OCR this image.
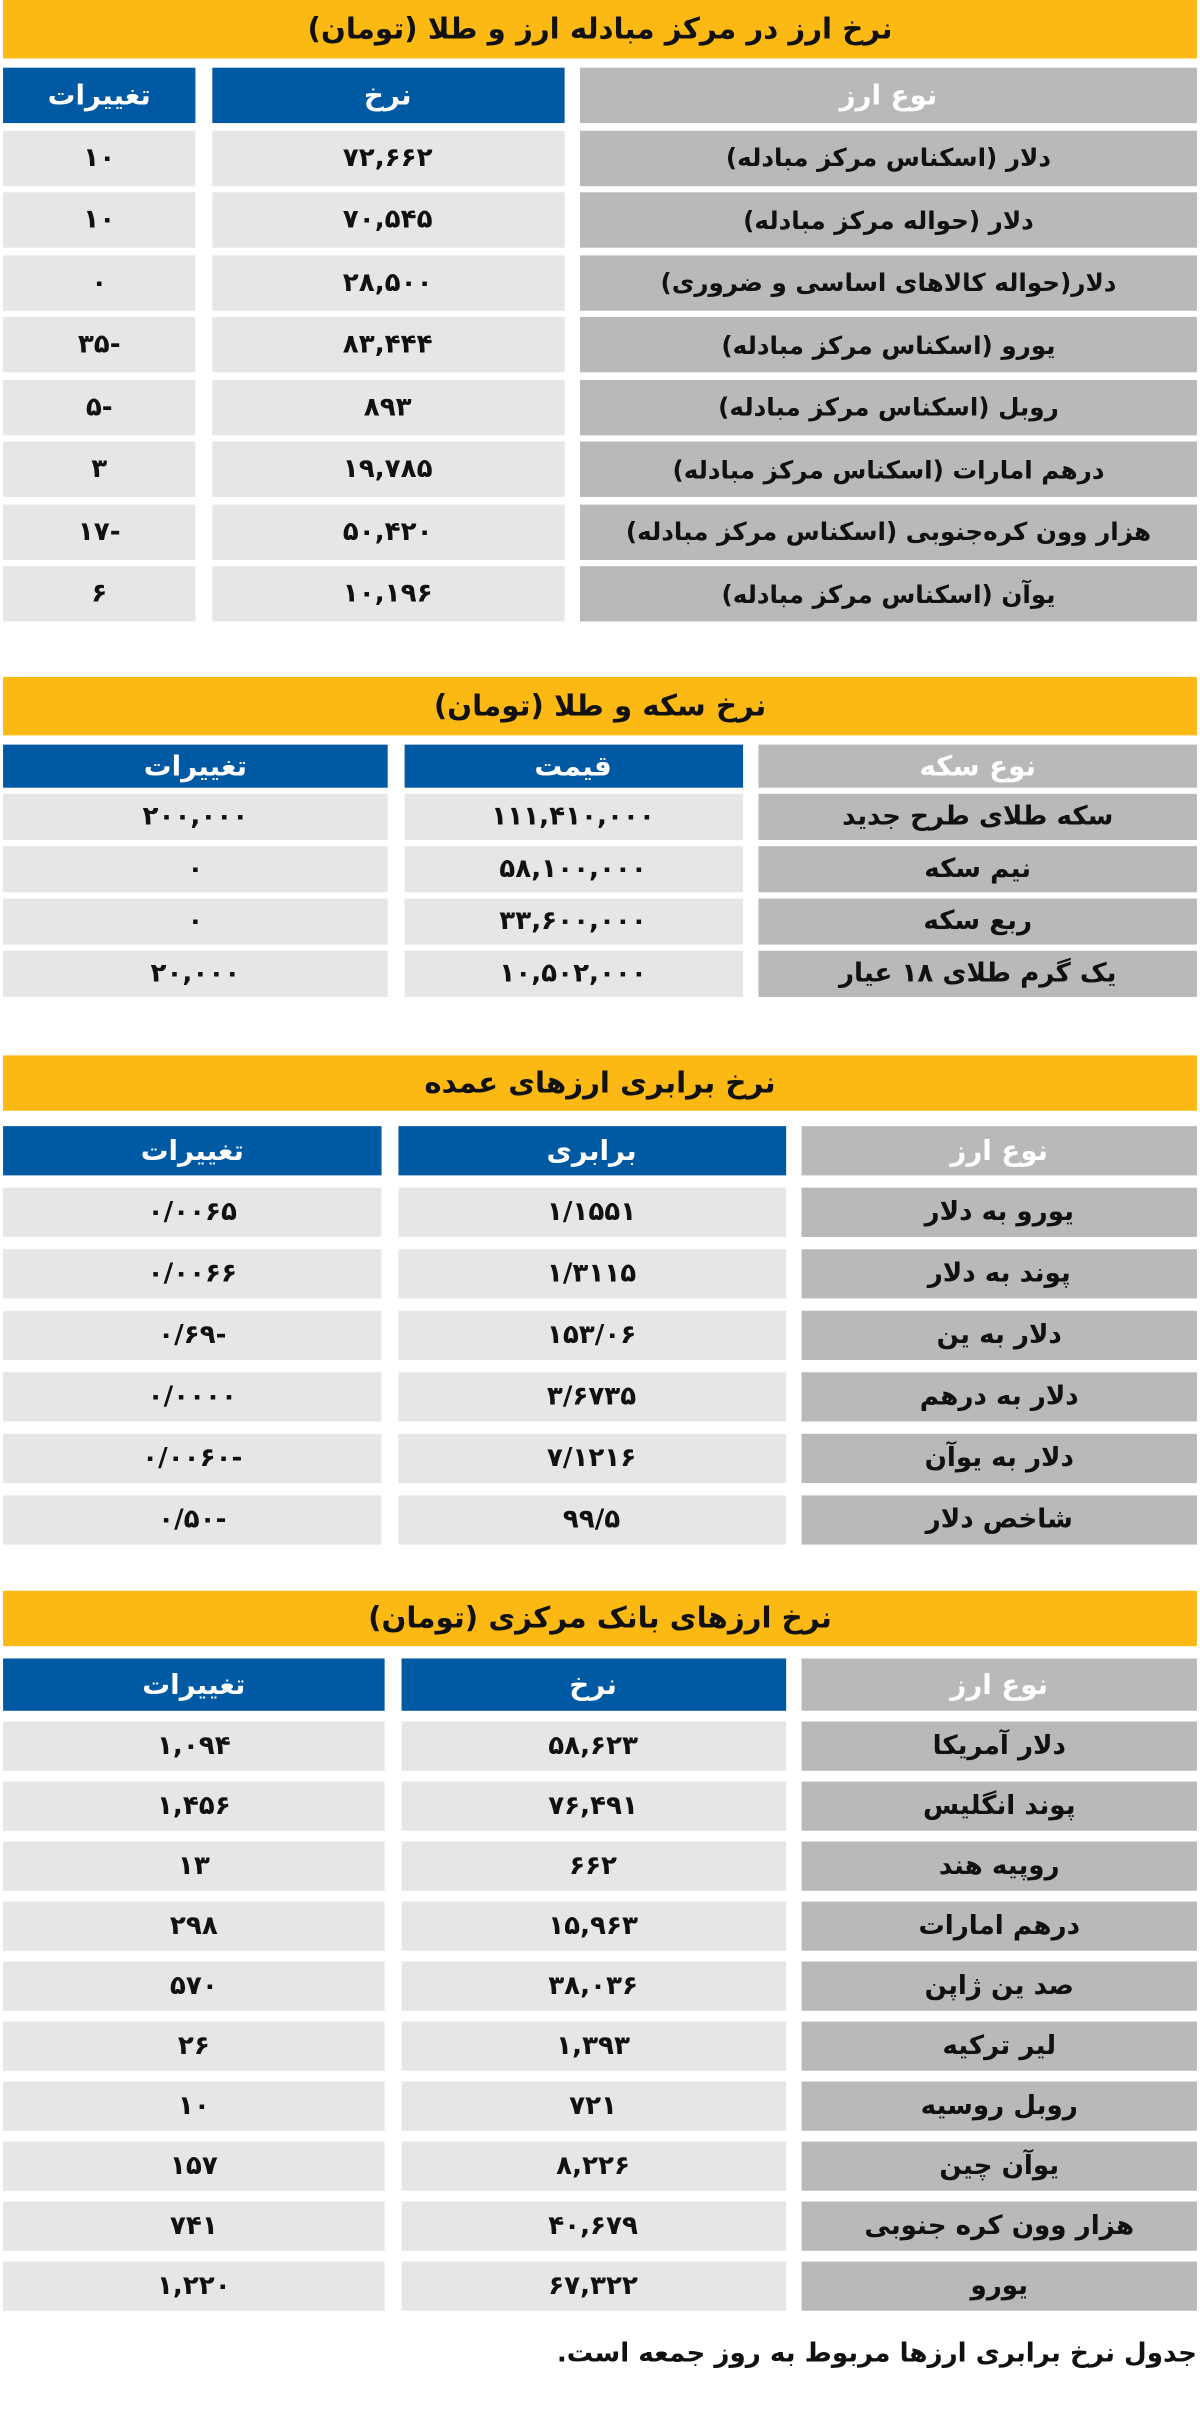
نرخ ارز در مرکز مبادله ارز و طلا (تومان)
نوع ارز
نرخ
تغییرات
دلار (اسکناس مرکز مبادله)
۷۲,۶۶۲
۱۰
دلار (حواله مرکز مبادله)
۷۰,۵۴۵
۱۰
دلار(حواله کالاهای اساسی و ضروری)
۲۸,۵۰۰
۰
یورو (اسکناس مرکز مبادله)
۸۳,۴۴۴
-۳۵
روبل (اسکناس مرکز مبادله)
۸۹۳
-۵
درهم امارات (اسکناس مرکز مبادله)
۱۹,۷۸۵
۳
هزار وون کره‌جنوبی (اسکناس مرکز مبادله)
۵۰,۴۲۰
-۱۷
یوآن (اسکناس مرکز مبادله)
۱۰,۱۹۶
۶
نرخ سکه و طلا (تومان)
نوع سکه
قیمت
تغییرات
سکه طلای طرح جدید
۱۱۱,۴۱۰,۰۰۰
۲۰۰,۰۰۰
نیم سکه
۵۸,۱۰۰,۰۰۰
۰
ربع سکه
۳۳,۶۰۰,۰۰۰
۰
یک گرم طلای ۱۸ عیار
۱۰,۵۰۲,۰۰۰
۲۰,۰۰۰
نرخ برابری ارزهای عمده
نوع ارز
برابری
تغییرات
یورو به دلار
۱/۱۵۵۱
۰/۰۰۶۵
پوند به دلار
۱/۳۱۱۵
۰/۰۰۶۶
دلار به ین
۱۵۳/۰۶
-۰/۶۹
دلار به درهم
۳/۶۷۳۵
۰/۰۰۰۰
دلار به یوآن
۷/۱۲۱۶
-۰/۰۰۶۰
شاخص دلار
۹۹/۵
-۰/۵۰
نرخ ارزهای بانک مرکزی (تومان)
نوع ارز
نرخ
تغییرات
دلار آمریکا
۵۸,۶۲۳
۱,۰۹۴
پوند انگلیس
۷۶,۴۹۱
۱,۴۵۶
روپیه هند
۶۶۲
۱۳
درهم امارات
۱۵,۹۶۳
۲۹۸
صد ین ژاپن
۳۸,۰۳۶
۵۷۰
لیر ترکیه
۱,۳۹۳
۲۶
روبل روسیه
۷۲۱
۱۰
یوآن چین
۸,۲۲۶
۱۵۷
هزار وون کره جنوبی
۴۰,۶۷۹
۷۴۱
یورو
۶۷,۳۲۲
۱,۲۲۰
جدول نرخ برابری ارزها مربوط به روز جمعه است.
